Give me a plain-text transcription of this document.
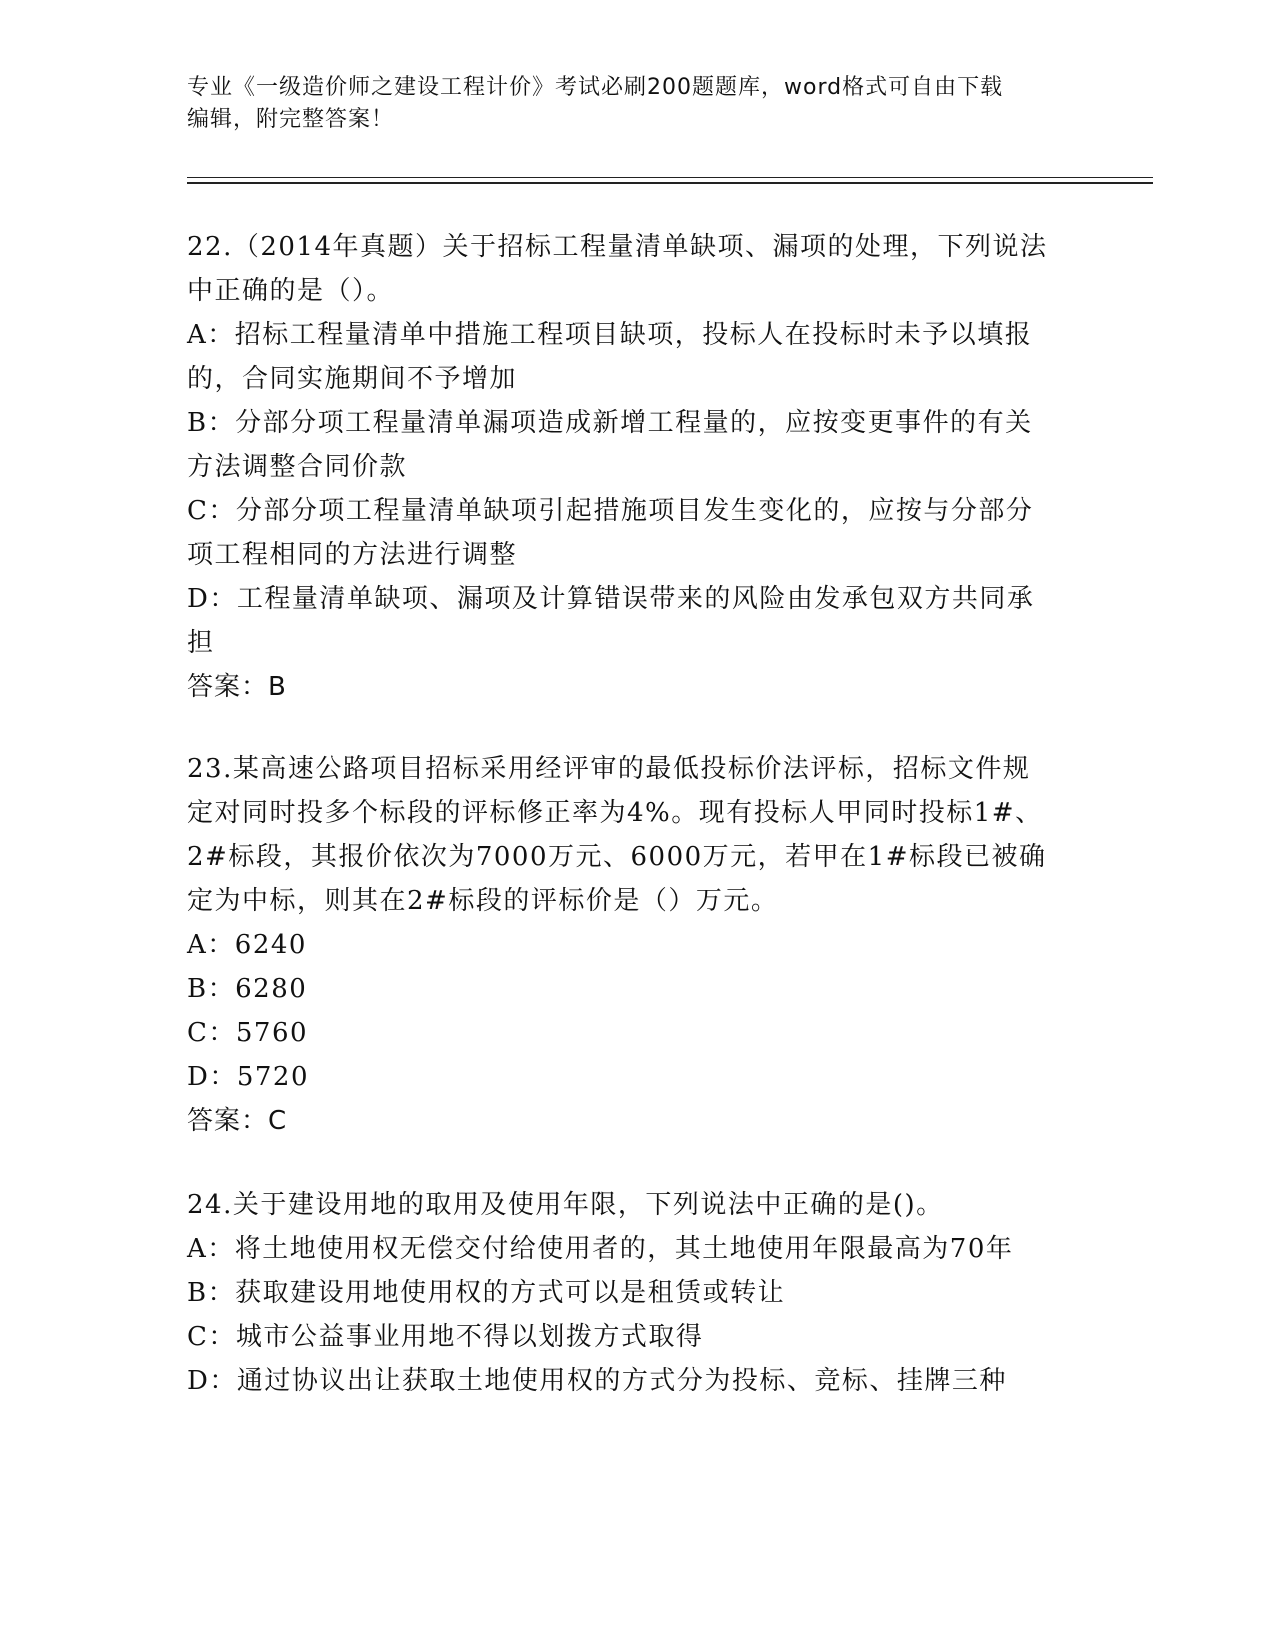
专业《一级造价师之建设工程计价》考试必刷200题题库，word格式可自由下载
编辑，附完整答案！
22.（2014年真题）关于招标工程量清单缺项、漏项的处理，下列说法
中正确的是（）。
A：招标工程量清单中措施工程项目缺项，投标人在投标时未予以填报
的，合同实施期间不予增加
B：分部分项工程量清单漏项造成新增工程量的，应按变更事件的有关
方法调整合同价款
C：分部分项工程量清单缺项引起措施项目发生变化的，应按与分部分
项工程相同的方法进行调整
D：工程量清单缺项、漏项及计算错误带来的风险由发承包双方共同承
担
答案：B
23.某高速公路项目招标采用经评审的最低投标价法评标，招标文件规
定对同时投多个标段的评标修正率为4%。现有投标人甲同时投标1#、
2#标段，其报价依次为7000万元、6000万元，若甲在1#标段已被确
定为中标，则其在2#标段的评标价是（）万元。
A：6240
B：6280
C：5760
D：5720
答案：C
24.关于建设用地的取用及使用年限，下列说法中正确的是()。
A：将土地使用权无偿交付给使用者的，其土地使用年限最高为70年
B：获取建设用地使用权的方式可以是租赁或转让
C：城市公益事业用地不得以划拨方式取得
D：通过协议出让获取土地使用权的方式分为投标、竞标、挂牌三种
